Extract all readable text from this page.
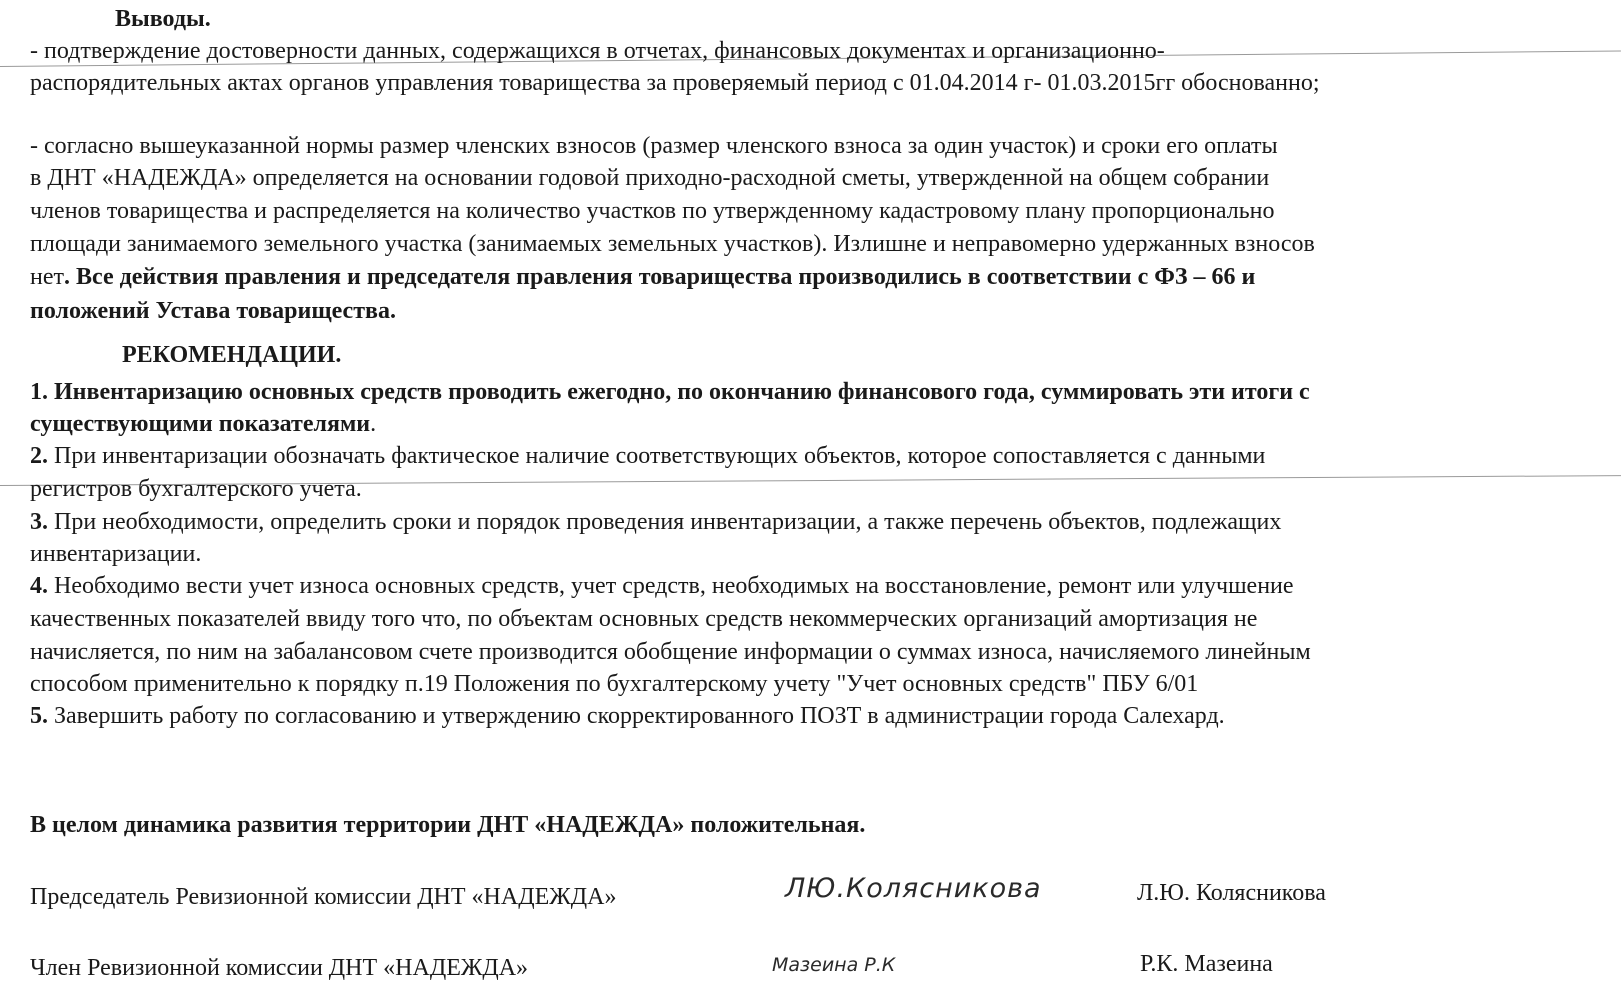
Выводы.
- подтверждение достоверности данных, содержащихся в отчетах, финансовых документах и организационно-
распорядительных актах органов управления товарищества за проверяемый период с 01.04.2014 г- 01.03.2015гг обоснованно;
- согласно вышеуказанной нормы размер членских взносов (размер членского взноса за один участок) и сроки его оплаты
в ДНТ «НАДЕЖДА» определяется на основании годовой приходно-расходной сметы, утвержденной на общем собрании
членов товарищества и распределяется на количество участков по утвержденному кадастровому плану пропорционально
площади занимаемого земельного участка (занимаемых земельных участков). Излишне и неправомерно удержанных взносов
нет. Все действия правления и председателя правления товарищества производились в соответствии с ФЗ – 66 и
положений Устава товарищества.
РЕКОМЕНДАЦИИ.
1. Инвентаризацию основных средств проводить ежегодно, по окончанию финансового года, суммировать эти итоги с
существующими показателями.
2. При инвентаризации обозначать фактическое наличие соответствующих объектов, которое сопоставляется с данными
регистров бухгалтерского учета.
3. При необходимости, определить сроки и порядок проведения инвентаризации, а также перечень объектов, подлежащих
инвентаризации.
4. Необходимо вести учет износа основных средств, учет средств, необходимых на восстановление, ремонт или улучшение
качественных показателей ввиду того что, по объектам основных средств некоммерческих организаций амортизация не
начисляется, по ним на забалансовом счете производится обобщение информации о суммах износа, начисляемого линейным
способом применительно к порядку п.19 Положения по бухгалтерскому учету "Учет основных средств" ПБУ 6/01
5. Завершить работу по согласованию и утверждению скорректированного ПОЗТ в администрации города Салехард.
В целом динамика развития территории ДНТ «НАДЕЖДА» положительная.
Председатель Ревизионной комиссии ДНТ «НАДЕЖДА»	ЛЮ.Колясникова	Л.Ю. Колясникова
Член Ревизионной комиссии ДНТ «НАДЕЖДА»	Мазеина Р.К	Р.К. Мазеина
